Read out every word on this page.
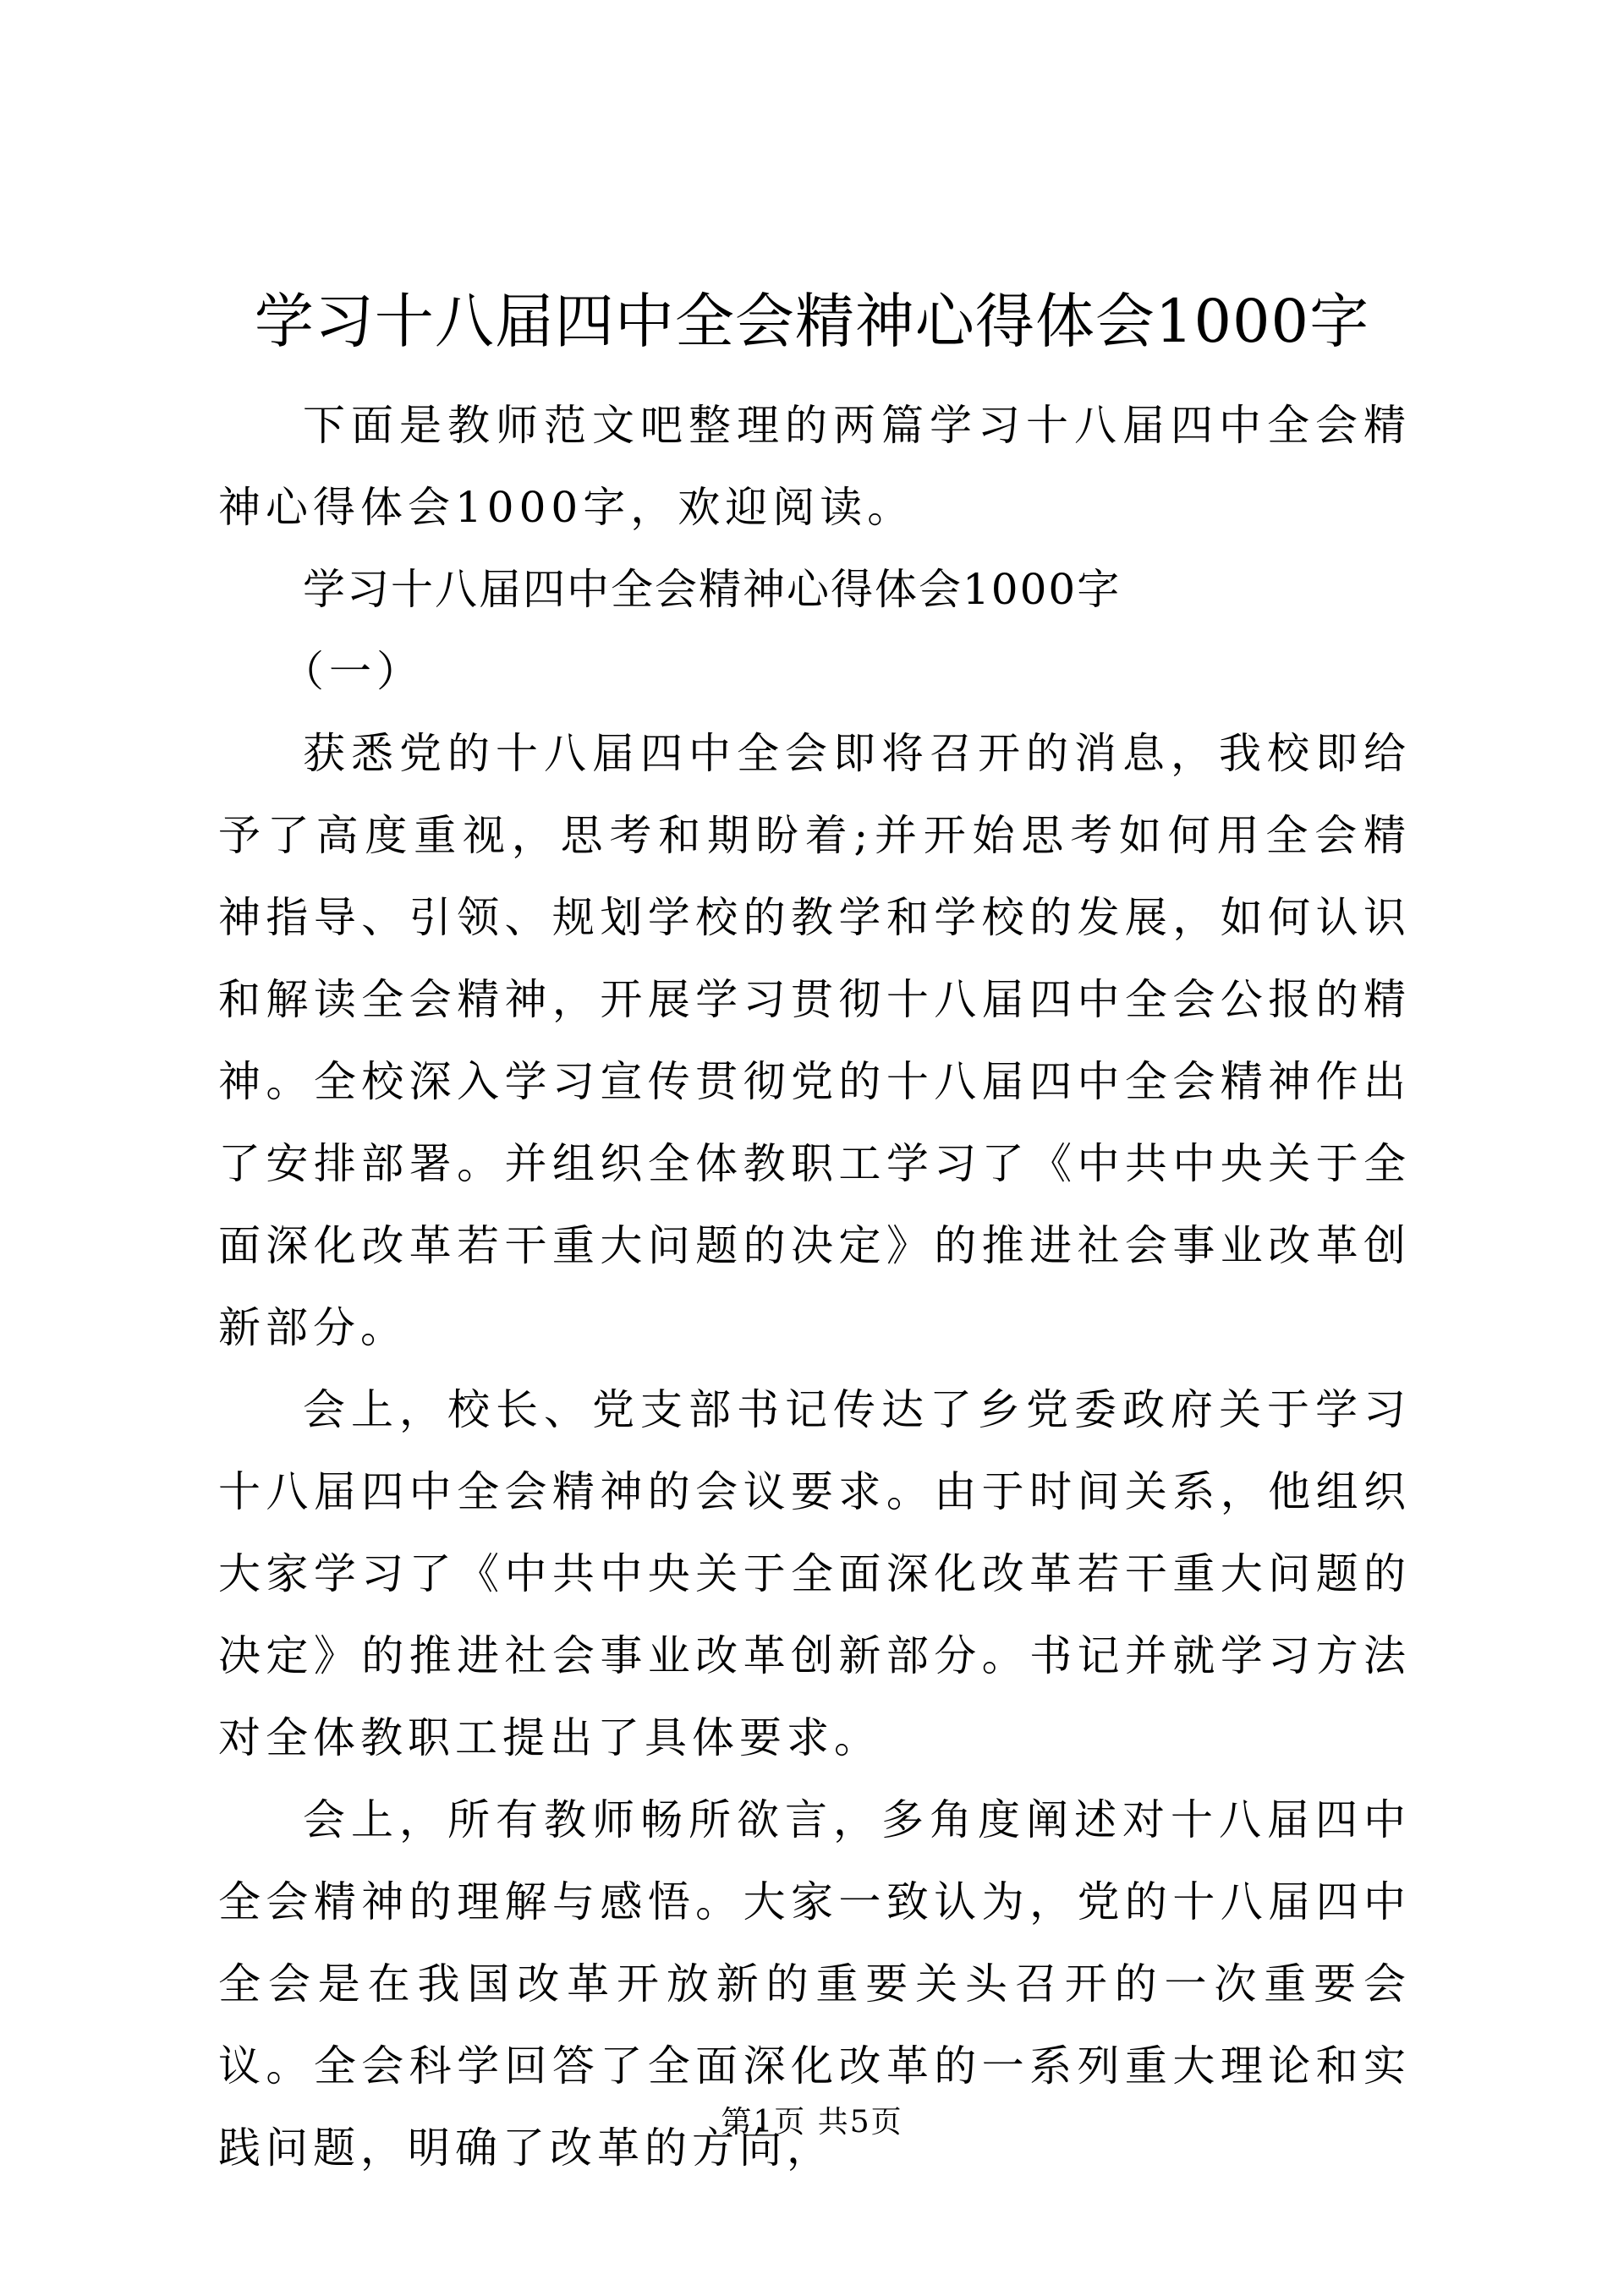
学习十八届四中全会精神心得体会1000字

下面是教师范文吧整理的两篇学习十八届四中全会精神心得体会1000字，欢迎阅读。

学习十八届四中全会精神心得体会1000字

（一）

获悉党的十八届四中全会即将召开的消息，我校即给予了高度重视，思考和期盼着;并开始思考如何用全会精神指导、引领、规划学校的教学和学校的发展，如何认识和解读全会精神，开展学习贯彻十八届四中全会公报的精神。全校深入学习宣传贯彻党的十八届四中全会精神作出了安排部署。并组织全体教职工学习了《中共中央关于全面深化改革若干重大问题的决定》的推进社会事业改革创新部分。

会上，校长、党支部书记传达了乡党委政府关于学习十八届四中全会精神的会议要求。由于时间关系，他组织大家学习了《中共中央关于全面深化改革若干重大问题的决定》的推进社会事业改革创新部分。书记并就学习方法对全体教职工提出了具体要求。

会上，所有教师畅所欲言，多角度阐述对十八届四中全会精神的理解与感悟。大家一致认为，党的十八届四中全会是在我国改革开放新的重要关头召开的一次重要会议。全会科学回答了全面深化改革的一系列重大理论和实践问题，明确了改革的方向，

第1页 共5页
